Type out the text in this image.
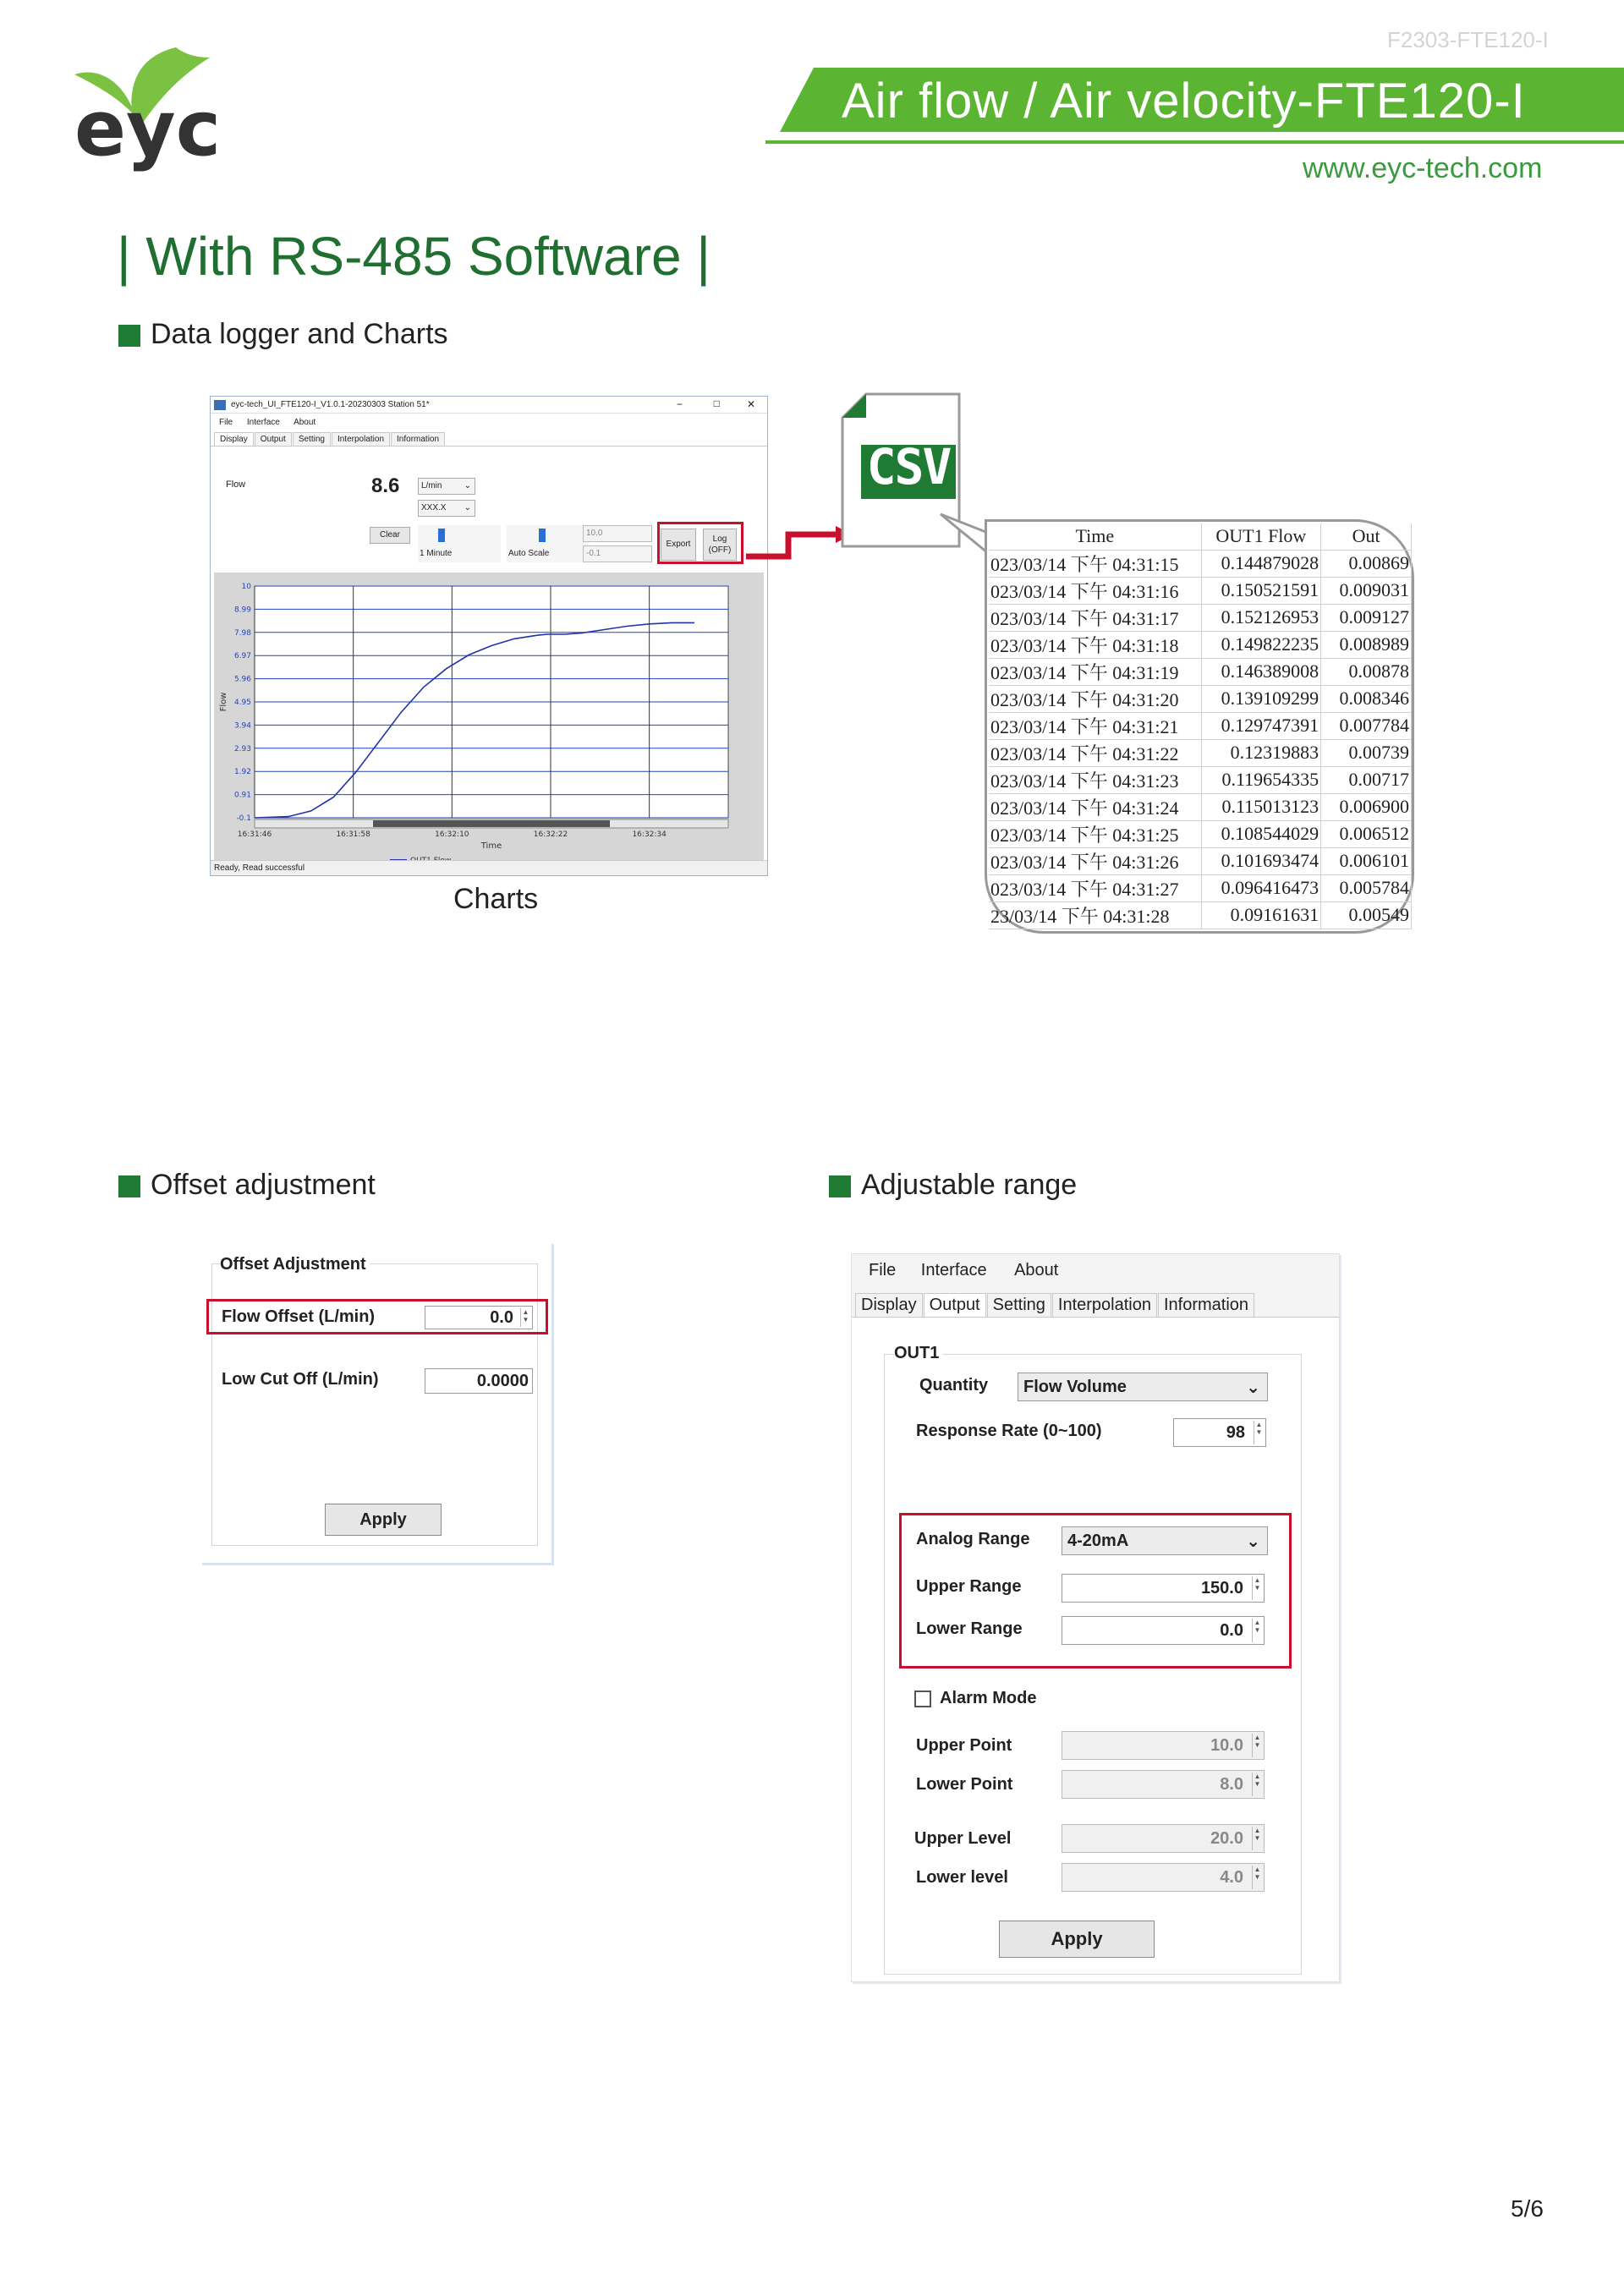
F2303-FTE120-I
eyc	Air flow / Air velocity-FTE120-I
www.eyc-tech.com
| With RS-485 Software |
Data logger and Charts
eyc-tech_UI_FTE120-I_V1.0.1-20230303 Station 51*	−	□	✕
File Interface About
Display Output Setting Interpolation Information
Flow	8.6	L/min	⌄
XXX.X ⌄
Clear
1 Minute	Auto Scale
10.0
-0.1
Export
Log
(OFF)
10
8.99
7.98
6.97
5.96
4.95
3.94
2.93
1.92
0.91
-0.1
16:31:46	16:31:58	16:32:10	16:32:22	16:32:34
Time
Flow
Ready, Read successful
Charts
CSV
Time	OUT1 Flow	Out
023/03/14 下午 04:31:15	0.144879028	0.00869
023/03/14 下午 04:31:16	0.150521591	0.009031
023/03/14 下午 04:31:17	0.152126953	0.009127
023/03/14 下午 04:31:18	0.149822235	0.008989
023/03/14 下午 04:31:19	0.146389008	0.00878
023/03/14 下午 04:31:20	0.139109299	0.008346
023/03/14 下午 04:31:21	0.129747391	0.007784
023/03/14 下午 04:31:22	0.12319883	0.00739
023/03/14 下午 04:31:23	0.119654335	0.00717
023/03/14 下午 04:31:24	0.115013123	0.006900
023/03/14 下午 04:31:25	0.108544029	0.006512
023/03/14 下午 04:31:26	0.101693474	0.006101
023/03/14 下午 04:31:27	0.096416473	0.005784
23/03/14 下午 04:31:28	0.09161631	0.00549
Offset adjustment
Offset Adjustment
Flow Offset (L/min)	0.0	▲
▼
Low Cut Off (L/min)	0.0000
Apply
Adjustable range
File Interface About
Display Output Setting Interpolation Information
OUT1
Quantity	Flow Volume	⌄
Response Rate (0~100)	98	▲
▼
Analog Range	4-20mA	⌄
Upper Range	150.0	▲
▼
Lower Range	0.0	▲
▼
Alarm Mode
Upper Point	10.0	▲
▼
Lower Point	8.0	▲
▼
Upper Level	20.0	▲
▼
Lower level	4.0	▲
▼
Apply
5/6
